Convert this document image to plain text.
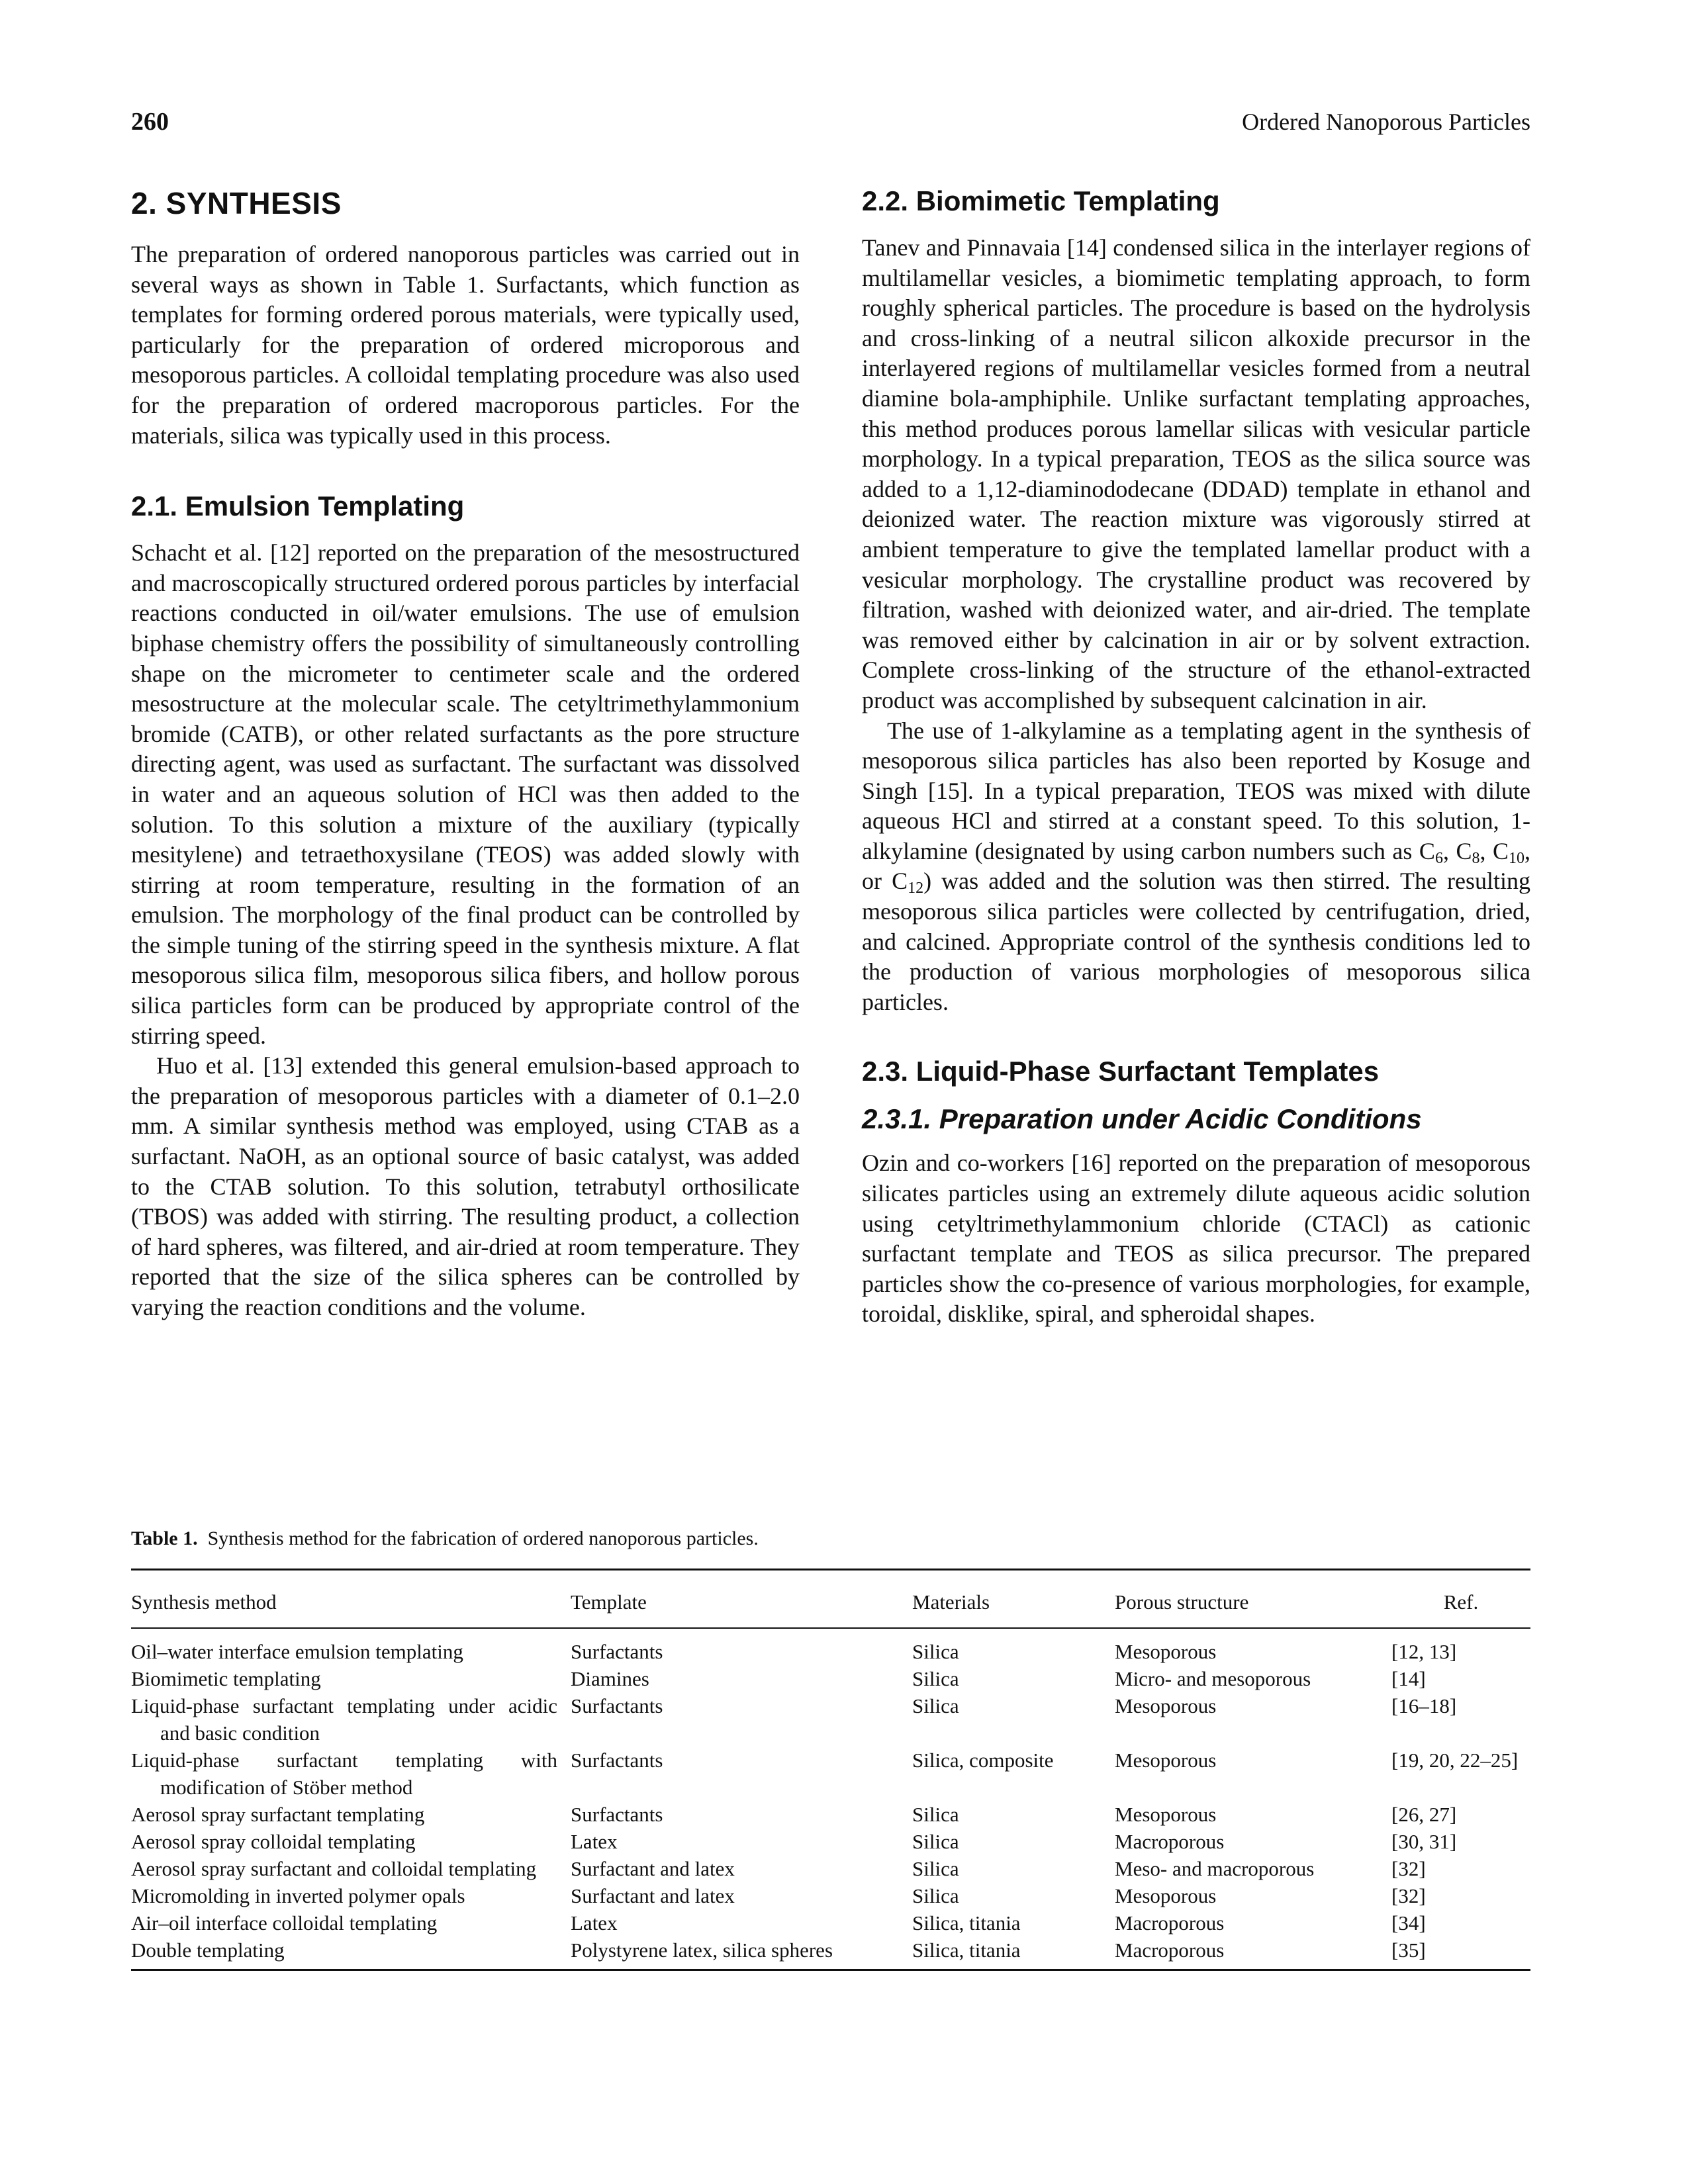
260	Ordered Nanoporous Particles
2. SYNTHESIS

The preparation of ordered nanoporous particles was carried out in several ways as shown in Table 1. Surfactants, which function as templates for forming ordered porous materials, were typically used, particularly for the preparation of ordered microporous and mesoporous particles. A colloidal templating procedure was also used for the preparation of ordered macroporous particles. For the materials, silica was typically used in this process.

2.1. Emulsion Templating

Schacht et al. [12] reported on the preparation of the mesostructured and macroscopically structured ordered porous particles by interfacial reactions conducted in oil/water emulsions. The use of emulsion biphase chemistry offers the possibility of simultaneously controlling shape on the micrometer to centimeter scale and the ordered mesostructure at the molecular scale. The cetyltrimethylammonium bromide (CATB), or other related surfactants as the pore structure directing agent, was used as surfactant. The surfactant was dissolved in water and an aqueous solution of HCl was then added to the solution. To this solution a mixture of the auxiliary (typically mesitylene) and tetraethoxysilane (TEOS) was added slowly with stirring at room temperature, resulting in the formation of an emulsion. The morphology of the final product can be controlled by the simple tuning of the stirring speed in the synthesis mixture. A flat mesoporous silica film, mesoporous silica fibers, and hollow porous silica particles form can be produced by appropriate control of the stirring speed.

Huo et al. [13] extended this general emulsion-based approach to the preparation of mesoporous particles with a diameter of 0.1–2.0 mm. A similar synthesis method was employed, using CTAB as a surfactant. NaOH, as an optional source of basic catalyst, was added to the CTAB solution. To this solution, tetrabutyl orthosilicate (TBOS) was added with stirring. The resulting product, a collection of hard spheres, was filtered, and air-dried at room temperature. They reported that the size of the silica spheres can be controlled by varying the reaction conditions and the volume.

2.2. Biomimetic Templating

Tanev and Pinnavaia [14] condensed silica in the interlayer regions of multilamellar vesicles, a biomimetic templating approach, to form roughly spherical particles. The procedure is based on the hydrolysis and cross-linking of a neutral silicon alkoxide precursor in the interlayered regions of multilamellar vesicles formed from a neutral diamine bola-amphiphile. Unlike surfactant templating approaches, this method produces porous lamellar silicas with vesicular particle morphology. In a typical preparation, TEOS as the silica source was added to a 1,12-diaminododecane (DDAD) template in ethanol and deionized water. The reaction mixture was vigorously stirred at ambient temperature to give the templated lamellar product with a vesicular morphology. The crystalline product was recovered by filtration, washed with deionized water, and air-dried. The template was removed either by calcination in air or by solvent extraction. Complete cross-linking of the structure of the ethanol-extracted product was accomplished by subsequent calcination in air.

The use of 1-alkylamine as a templating agent in the synthesis of mesoporous silica particles has also been reported by Kosuge and Singh [15]. In a typical preparation, TEOS was mixed with dilute aqueous HCl and stirred at a constant speed. To this solution, 1-alkylamine (designated by using carbon numbers such as $C_6$, $C_8$, $C_{10}$, or $C_{12}$) was added and the solution was then stirred. The resulting mesoporous silica particles were collected by centrifugation, dried, and calcined. Appropriate control of the synthesis conditions led to the production of various morphologies of mesoporous silica particles.

2.3. Liquid-Phase Surfactant Templates
2.3.1. Preparation under Acidic Conditions

Ozin and co-workers [16] reported on the preparation of mesoporous silicates particles using an extremely dilute aqueous acidic solution using cetyltrimethylammonium chloride (CTACl) as cationic surfactant template and TEOS as silica precursor. The prepared particles show the co-presence of various morphologies, for example, toroidal, disklike, spiral, and spheroidal shapes.

Table 1. Synthesis method for the fabrication of ordered nanoporous particles.
Synthesis method	Template	Materials	Porous structure	Ref.

Oil–water interface emulsion templating	Surfactants	Silica	Mesoporous	[12, 13]
Biomimetic templating	Diamines	Silica	Micro- and mesoporous	[14]
Liquid-phase surfactant templating under acidic and basic condition	Surfactants	Silica	Mesoporous	[16–18]
Liquid-phase surfactant templating with modification of Stöber method	Surfactants	Silica, composite	Mesoporous	[19, 20, 22–25]
Aerosol spray surfactant templating	Surfactants	Silica	Mesoporous	[26, 27]
Aerosol spray colloidal templating	Latex	Silica	Macroporous	[30, 31]
Aerosol spray surfactant and colloidal templating	Surfactant and latex	Silica	Meso- and macroporous	[32]
Micromolding in inverted polymer opals	Surfactant and latex	Silica	Mesoporous	[32]
Air–oil interface colloidal templating	Latex	Silica, titania	Macroporous	[34]
Double templating	Polystyrene latex, silica spheres	Silica, titania	Macroporous	[35]
